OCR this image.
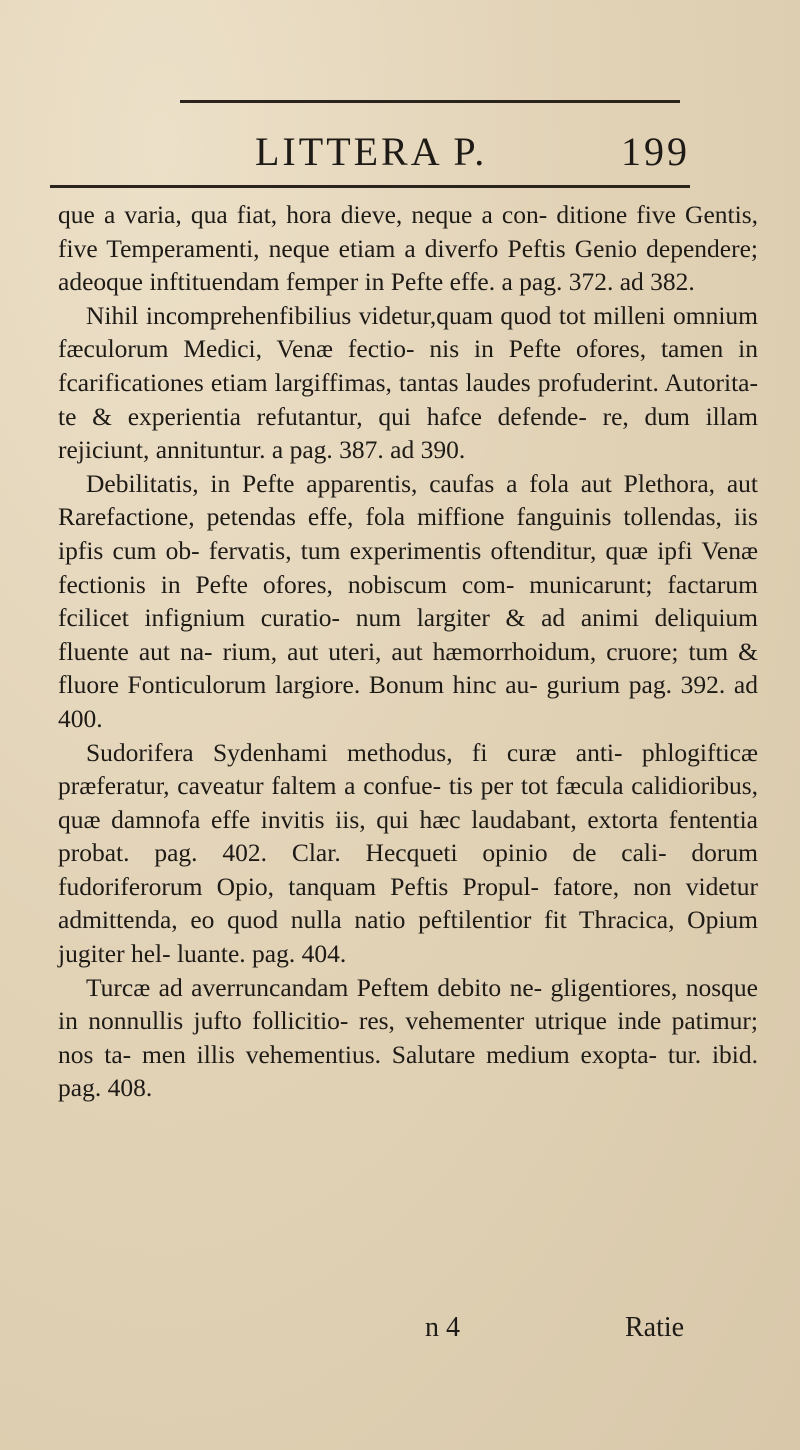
LITTERA P.	199

que a varia, qua fiat, hora dieve, neque a con- ditione five Gentis, five Temperamenti, neque etiam a diverfo Peftis Genio dependere; adeoque inftituendam femper in Pefte effe. a pag. 372. ad 382.

Nihil incomprehenfibilius videtur,quam quod tot milleni omnium fæculorum Medici, Venæ fectio- nis in Pefte ofores, tamen in fcarificationes etiam largiffimas, tantas laudes profuderint. Autorita- te & experientia refutantur, qui hafce defende- re, dum illam rejiciunt, annituntur. a pag. 387. ad 390.

Debilitatis, in Pefte apparentis, caufas a fola aut Plethora, aut Rarefactione, petendas effe, fola miffione fanguinis tollendas, iis ipfis cum ob- fervatis, tum experimentis oftenditur, quæ ipfi Venæ fectionis in Pefte ofores, nobiscum com- municarunt; factarum fcilicet infignium curatio- num largiter & ad animi deliquium fluente aut na- rium, aut uteri, aut hæmorrhoidum, cruore; tum & fluore Fonticulorum largiore. Bonum hinc au- gurium pag. 392. ad 400.

Sudorifera Sydenhami methodus, fi curæ anti- phlogifticæ præferatur, caveatur faltem a confue- tis per tot fæcula calidioribus, quæ damnofa effe invitis iis, qui hæc laudabant, extorta fententia probat. pag. 402. Clar. Hecqueti opinio de cali- dorum fudoriferorum Opio, tanquam Peftis Propul- fatore, non videtur admittenda, eo quod nulla natio peftilentior fit Thracica, Opium jugiter hel- luante. pag. 404.

Turcæ ad averruncandam Peftem debito ne- gligentiores, nosque in nonnullis jufto follicitio- res, vehementer utrique inde patimur; nos ta- men illis vehementius. Salutare medium exopta- tur. ibid. pag. 408.

n 4	Ratie
